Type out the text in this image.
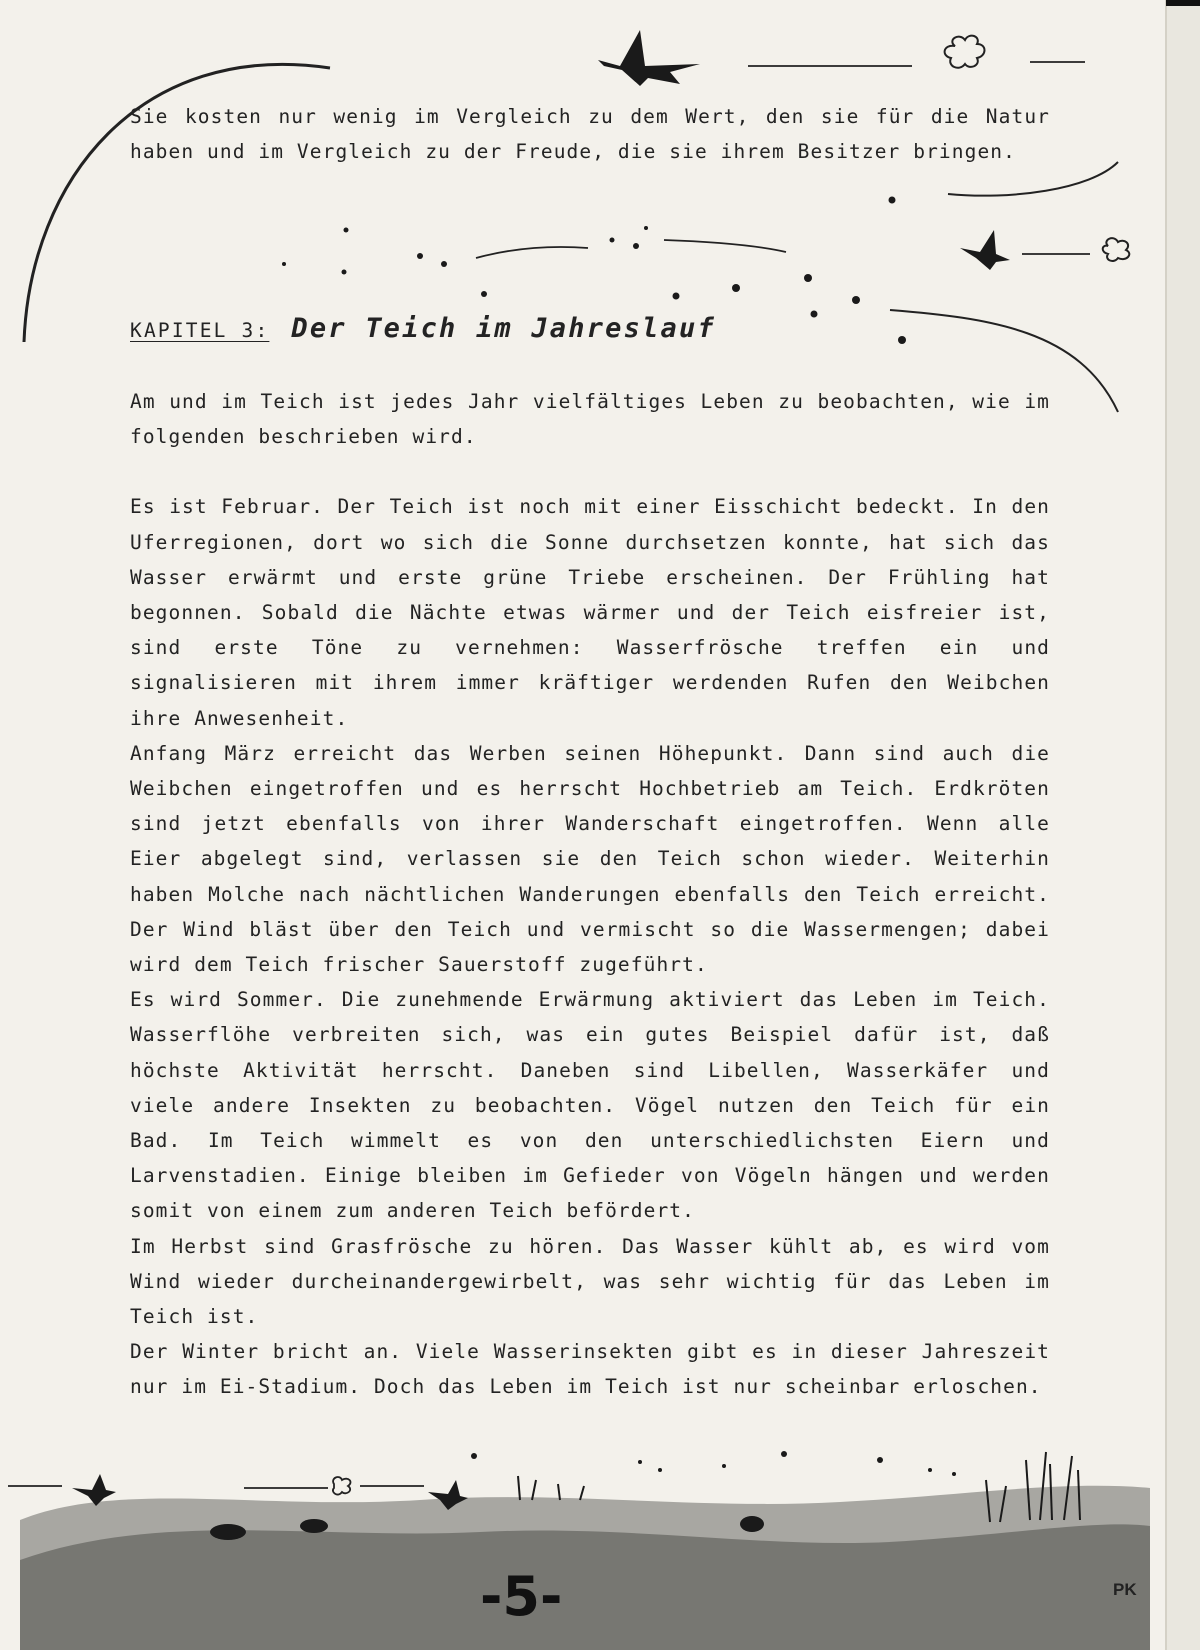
Sie kosten nur wenig im Vergleich zu dem Wert, den sie für die Natur haben und im Vergleich zu der Freude, die sie ihrem Besitzer bringen.

KAPITEL 3: Der Teich im Jahreslauf

Am und im Teich ist jedes Jahr vielfältiges Leben zu beobachten, wie im folgenden beschrieben wird.

Es ist Februar. Der Teich ist noch mit einer Eisschicht bedeckt. In den Uferregionen, dort wo sich die Sonne durchsetzen konnte, hat sich das Wasser erwärmt und erste grüne Triebe erscheinen. Der Frühling hat begonnen. Sobald die Nächte etwas wärmer und der Teich eisfreier ist, sind erste Töne zu vernehmen: Wasserfrösche treffen ein und signalisieren mit ihrem immer kräftiger werdenden Rufen den Weibchen ihre Anwesenheit.

Anfang März erreicht das Werben seinen Höhepunkt. Dann sind auch die Weibchen eingetroffen und es herrscht Hochbetrieb am Teich. Erdkröten sind jetzt ebenfalls von ihrer Wanderschaft eingetroffen. Wenn alle Eier abgelegt sind, verlassen sie den Teich schon wieder. Weiterhin haben Molche nach nächtlichen Wanderungen ebenfalls den Teich erreicht. Der Wind bläst über den Teich und vermischt so die Wassermengen; dabei wird dem Teich frischer Sauerstoff zugeführt.

Es wird Sommer. Die zunehmende Erwärmung aktiviert das Leben im Teich. Wasserflöhe verbreiten sich, was ein gutes Beispiel dafür ist, daß höchste Aktivität herrscht. Daneben sind Libellen, Wasserkäfer und viele andere Insekten zu beobachten. Vögel nutzen den Teich für ein Bad. Im Teich wimmelt es von den unterschiedlichsten Eiern und Larvenstadien. Einige bleiben im Gefieder von Vögeln hängen und werden somit von einem zum anderen Teich befördert.

Im Herbst sind Grasfrösche zu hören. Das Wasser kühlt ab, es wird vom Wind wieder durcheinandergewirbelt, was sehr wichtig für das Leben im Teich ist.

Der Winter bricht an. Viele Wasserinsekten gibt es in dieser Jahreszeit nur im Ei-Stadium. Doch das Leben im Teich ist nur scheinbar erloschen.

-5-	PK
